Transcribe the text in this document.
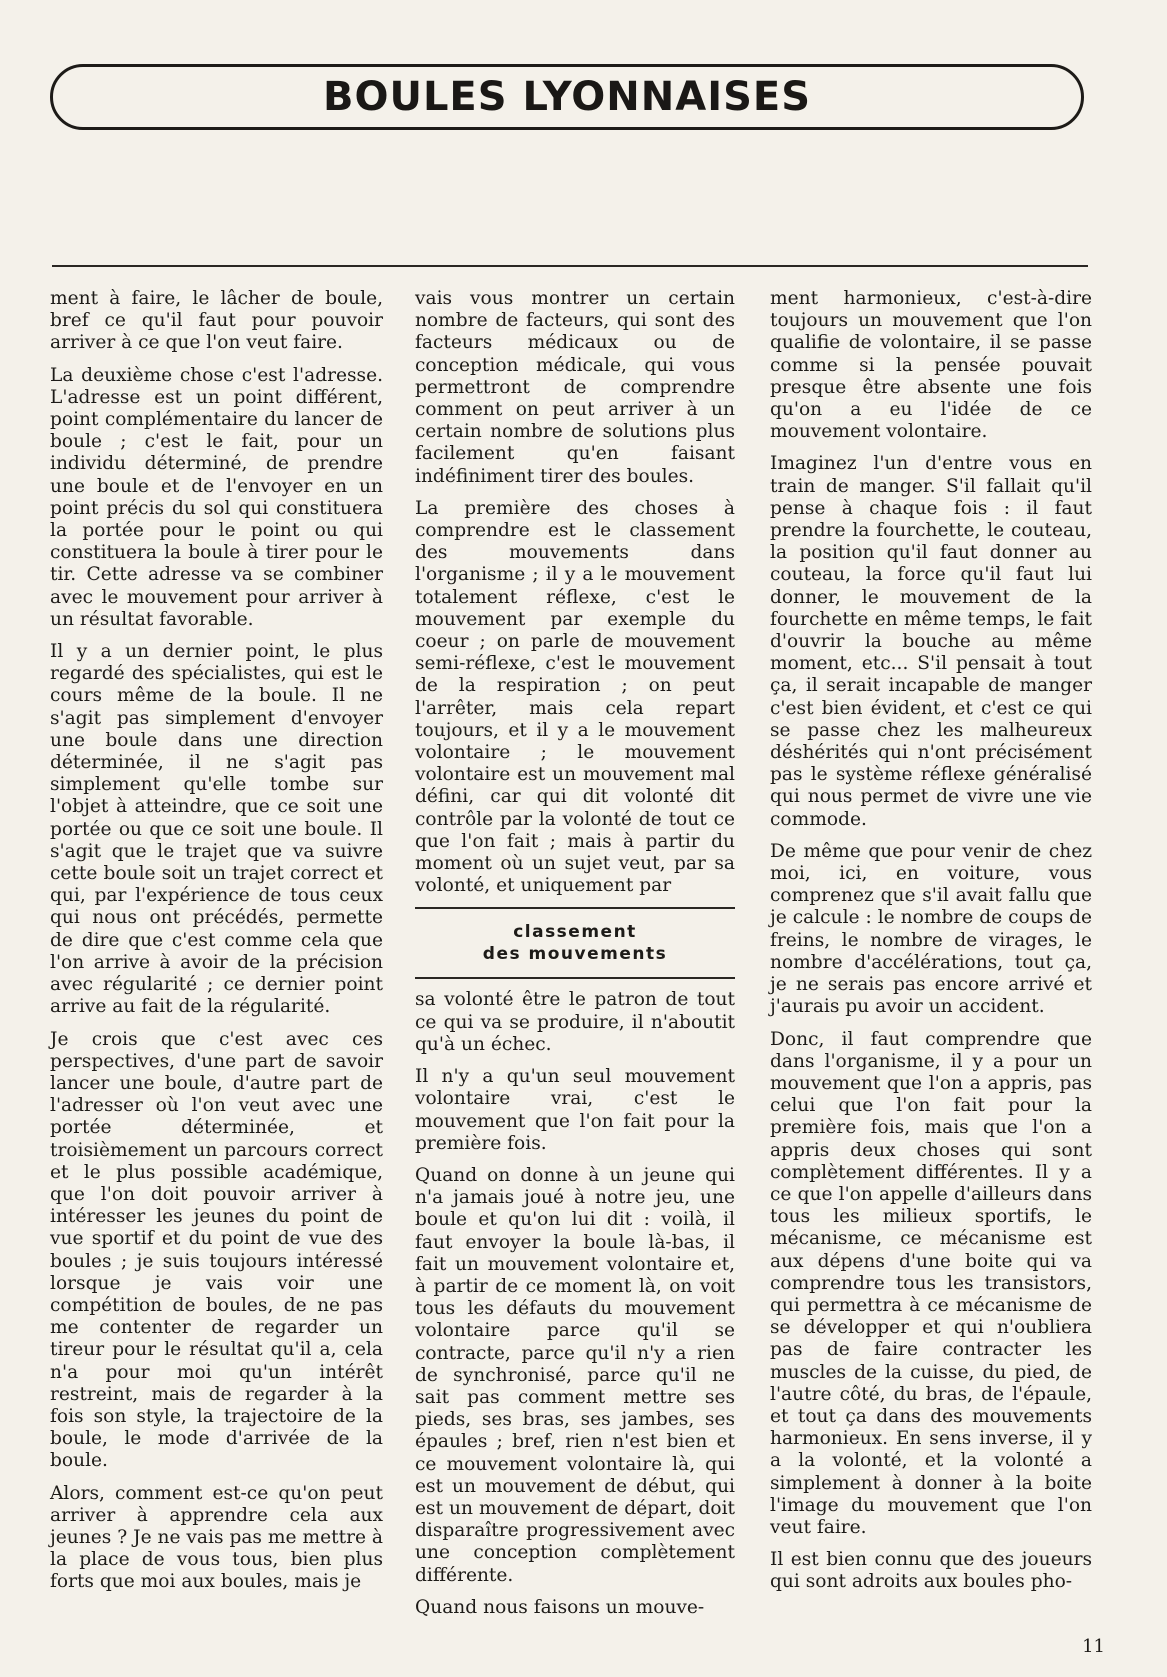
BOULES LYONNAISES

ment à faire, le lâcher de boule, bref ce qu'il faut pour pouvoir arriver à ce que l'on veut faire.

La deuxième chose c'est l'adresse. L'adresse est un point différent, point complémentaire du lancer de boule ; c'est le fait, pour un individu déterminé, de prendre une boule et de l'envoyer en un point précis du sol qui constituera la portée pour le point ou qui constituera la boule à tirer pour le tir. Cette adresse va se combiner avec le mouvement pour arriver à un résultat favorable.

Il y a un dernier point, le plus regardé des spécialistes, qui est le cours même de la boule. Il ne s'agit pas simplement d'envoyer une boule dans une direction déterminée, il ne s'agit pas simplement qu'elle tombe sur l'objet à atteindre, que ce soit une portée ou que ce soit une boule. Il s'agit que le trajet que va suivre cette boule soit un trajet correct et qui, par l'expérience de tous ceux qui nous ont précédés, permette de dire que c'est comme cela que l'on arrive à avoir de la précision avec régularité ; ce dernier point arrive au fait de la régularité.

Je crois que c'est avec ces perspectives, d'une part de savoir lancer une boule, d'autre part de l'adresser où l'on veut avec une portée déterminée, et troisièmement un parcours correct et le plus possible académique, que l'on doit pouvoir arriver à intéresser les jeunes du point de vue sportif et du point de vue des boules ; je suis toujours intéressé lorsque je vais voir une compétition de boules, de ne pas me contenter de regarder un tireur pour le résultat qu'il a, cela n'a pour moi qu'un intérêt restreint, mais de regarder à la fois son style, la trajectoire de la boule, le mode d'arrivée de la boule.

Alors, comment est-ce qu'on peut arriver à apprendre cela aux jeunes ? Je ne vais pas me mettre à la place de vous tous, bien plus forts que moi aux boules, mais je

vais vous montrer un certain nombre de facteurs, qui sont des facteurs médicaux ou de conception médicale, qui vous permettront de comprendre comment on peut arriver à un certain nombre de solutions plus facilement qu'en faisant indéfiniment tirer des boules.

La première des choses à comprendre est le classement des mouvements dans l'organisme ; il y a le mouvement totalement réflexe, c'est le mouvement par exemple du coeur ; on parle de mouvement semi-réflexe, c'est le mouvement de la respiration ; on peut l'arrêter, mais cela repart toujours, et il y a le mouvement volontaire ; le mouvement volontaire est un mouvement mal défini, car qui dit volonté dit contrôle par la volonté de tout ce que l'on fait ; mais à partir du moment où un sujet veut, par sa volonté, et uniquement par

classement
des mouvements

sa volonté être le patron de tout ce qui va se produire, il n'aboutit qu'à un échec.

Il n'y a qu'un seul mouvement volontaire vrai, c'est le mouvement que l'on fait pour la première fois.

Quand on donne à un jeune qui n'a jamais joué à notre jeu, une boule et qu'on lui dit : voilà, il faut envoyer la boule là-bas, il fait un mouvement volontaire et, à partir de ce moment là, on voit tous les défauts du mouvement volontaire parce qu'il se contracte, parce qu'il n'y a rien de synchronisé, parce qu'il ne sait pas comment mettre ses pieds, ses bras, ses jambes, ses épaules ; bref, rien n'est bien et ce mouvement volontaire là, qui est un mouvement de début, qui est un mouvement de départ, doit disparaître progressivement avec une conception complètement différente.

Quand nous faisons un mouve-

ment harmonieux, c'est-à-dire toujours un mouvement que l'on qualifie de volontaire, il se passe comme si la pensée pouvait presque être absente une fois qu'on a eu l'idée de ce mouvement volontaire.

Imaginez l'un d'entre vous en train de manger. S'il fallait qu'il pense à chaque fois : il faut prendre la fourchette, le couteau, la position qu'il faut donner au couteau, la force qu'il faut lui donner, le mouvement de la fourchette en même temps, le fait d'ouvrir la bouche au même moment, etc... S'il pensait à tout ça, il serait incapable de manger c'est bien évident, et c'est ce qui se passe chez les malheureux déshérités qui n'ont précisément pas le système réflexe généralisé qui nous permet de vivre une vie commode.

De même que pour venir de chez moi, ici, en voiture, vous comprenez que s'il avait fallu que je calcule : le nombre de coups de freins, le nombre de virages, le nombre d'accélérations, tout ça, je ne serais pas encore arrivé et j'aurais pu avoir un accident.

Donc, il faut comprendre que dans l'organisme, il y a pour un mouvement que l'on a appris, pas celui que l'on fait pour la première fois, mais que l'on a appris deux choses qui sont complètement différentes. Il y a ce que l'on appelle d'ailleurs dans tous les milieux sportifs, le mécanisme, ce mécanisme est aux dépens d'une boite qui va comprendre tous les transistors, qui permettra à ce mécanisme de se développer et qui n'oubliera pas de faire contracter les muscles de la cuisse, du pied, de l'autre côté, du bras, de l'épaule, et tout ça dans des mouvements harmonieux. En sens inverse, il y a la volonté, et la volonté a simplement à donner à la boite l'image du mouvement que l'on veut faire.

Il est bien connu que des joueurs qui sont adroits aux boules pho-

11
